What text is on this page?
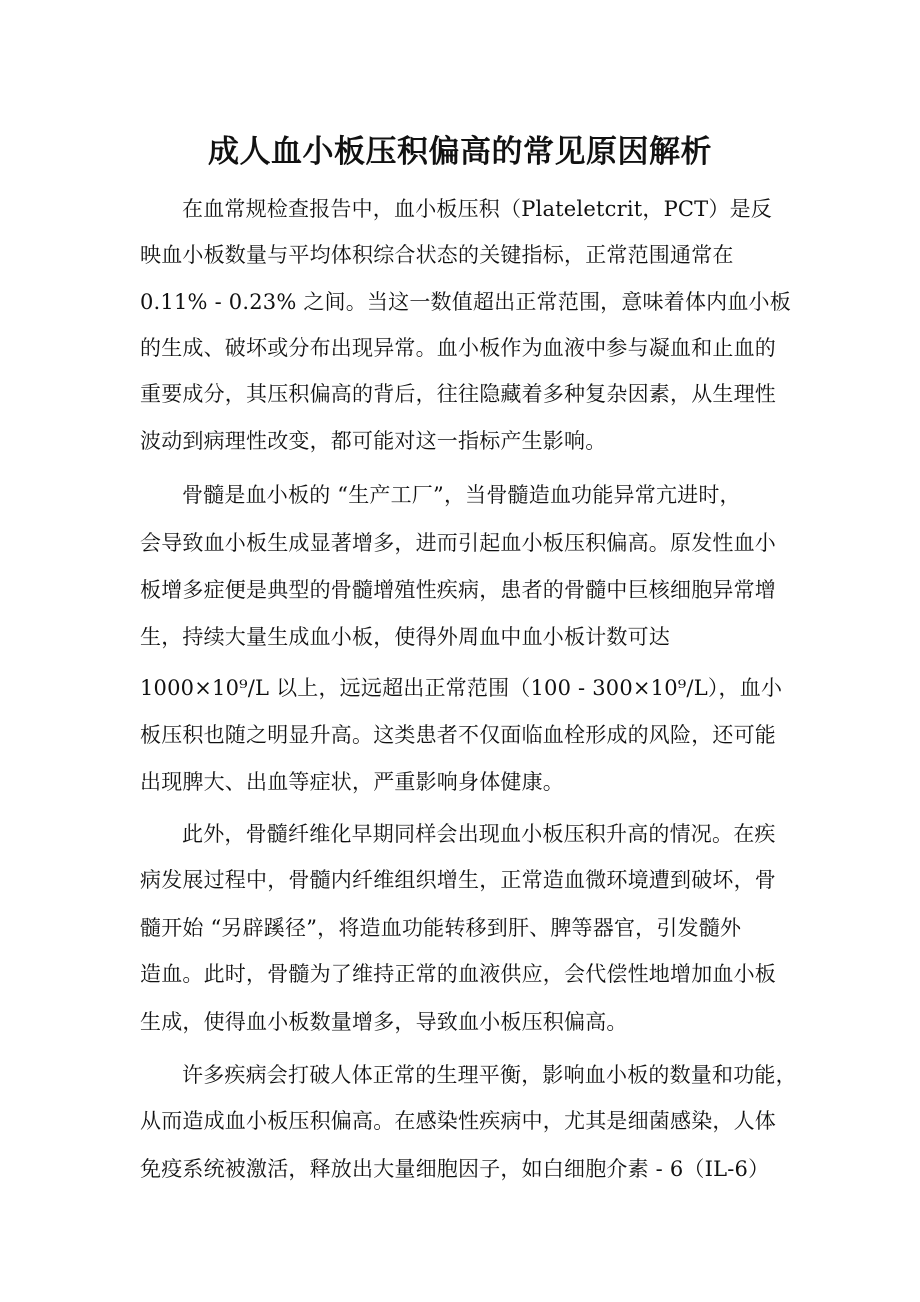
成人血小板压积偏高的常见原因解析
在血常规检查报告中，血小板压积（Plateletcrit，PCT）是反
映血小板数量与平均体积综合状态的关键指标，正常范围通常在
0.11% - 0.23% 之间。当这一数值超出正常范围，意味着体内血小板
的生成、破坏或分布出现异常。血小板作为血液中参与凝血和止血的
重要成分，其压积偏高的背后，往往隐藏着多种复杂因素，从生理性
波动到病理性改变，都可能对这一指标产生影响。
骨髓是血小板的 “生产工厂”，当骨髓造血功能异常亢进时，
会导致血小板生成显著增多，进而引起血小板压积偏高。原发性血小
板增多症便是典型的骨髓增殖性疾病，患者的骨髓中巨核细胞异常增
生，持续大量生成血小板，使得外周血中血小板计数可达
1000×10⁹/L 以上，远远超出正常范围（100 - 300×10⁹/L），血小
板压积也随之明显升高。这类患者不仅面临血栓形成的风险，还可能
出现脾大、出血等症状，严重影响身体健康。
此外，骨髓纤维化早期同样会出现血小板压积升高的情况。在疾
病发展过程中，骨髓内纤维组织增生，正常造血微环境遭到破坏，骨
髓开始 “另辟蹊径”，将造血功能转移到肝、脾等器官，引发髓外
造血。此时，骨髓为了维持正常的血液供应，会代偿性地增加血小板
生成，使得血小板数量增多，导致血小板压积偏高。
许多疾病会打破人体正常的生理平衡，影响血小板的数量和功能，
从而造成血小板压积偏高。在感染性疾病中，尤其是细菌感染，人体
免疫系统被激活，释放出大量细胞因子，如白细胞介素 - 6（IL-6）
